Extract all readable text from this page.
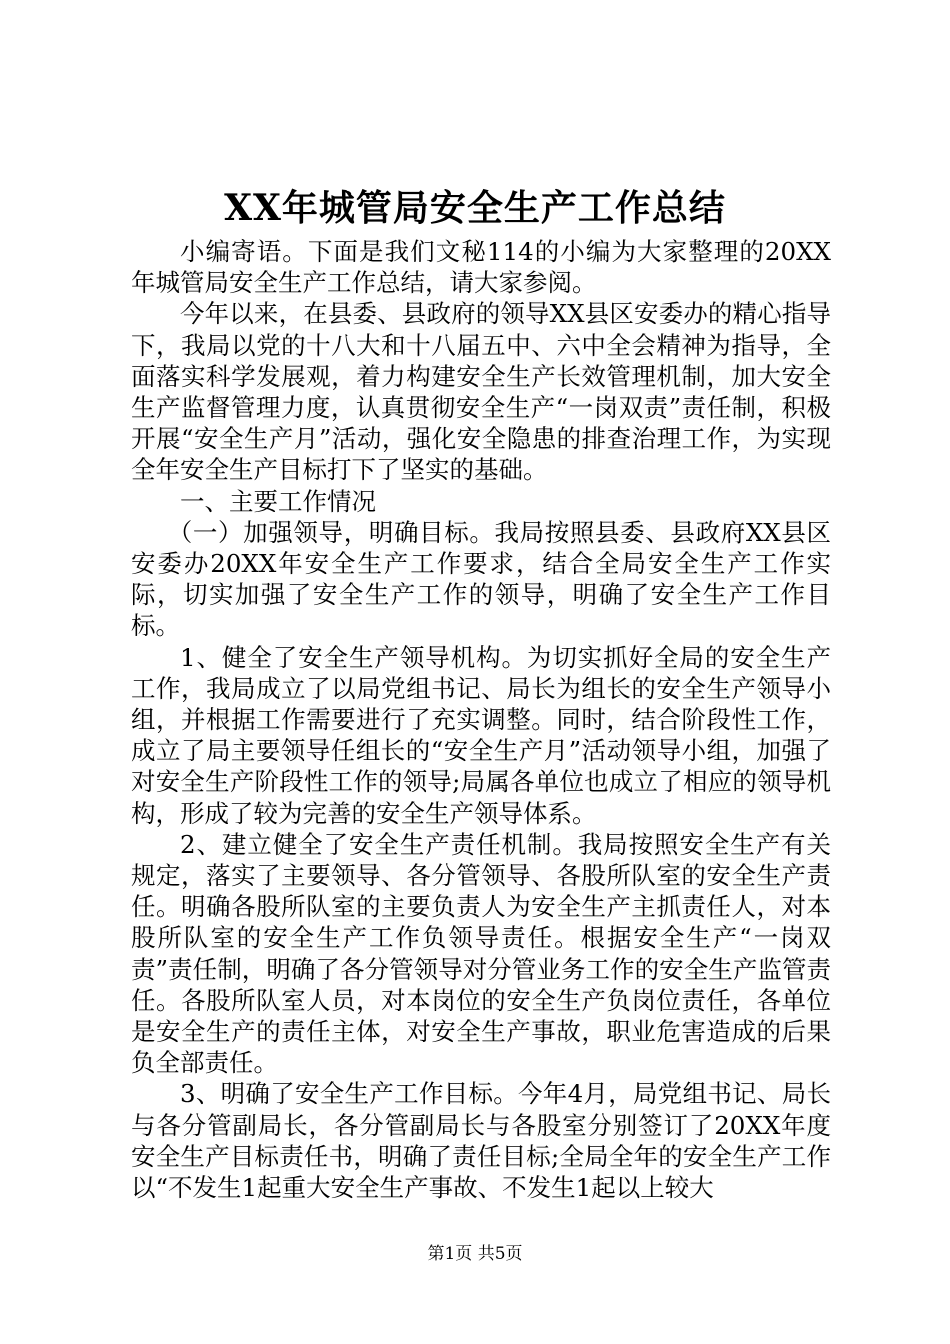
XX年城管局安全生产工作总结

小编寄语。下面是我们文秘114的小编为大家整理的20XX年城管局安全生产工作总结，请大家参阅。

今年以来，在县委、县政府的领导XX县区安委办的精心指导下，我局以党的十八大和十八届五中、六中全会精神为指导，全面落实科学发展观，着力构建安全生产长效管理机制，加大安全生产监督管理力度，认真贯彻安全生产“一岗双责”责任制，积极开展“安全生产月”活动，强化安全隐患的排查治理工作，为实现全年安全生产目标打下了坚实的基础。

一、主要工作情况

（一）加强领导，明确目标。我局按照县委、县政府XX县区安委办20XX年安全生产工作要求，结合全局安全生产工作实际，切实加强了安全生产工作的领导，明确了安全生产工作目标。

1、健全了安全生产领导机构。为切实抓好全局的安全生产工作，我局成立了以局党组书记、局长为组长的安全生产领导小组，并根据工作需要进行了充实调整。同时，结合阶段性工作，成立了局主要领导任组长的“安全生产月”活动领导小组，加强了对安全生产阶段性工作的领导;局属各单位也成立了相应的领导机构，形成了较为完善的安全生产领导体系。

2、建立健全了安全生产责任机制。我局按照安全生产有关规定，落实了主要领导、各分管领导、各股所队室的安全生产责任。明确各股所队室的主要负责人为安全生产主抓责任人，对本股所队室的安全生产工作负领导责任。根据安全生产“一岗双责”责任制，明确了各分管领导对分管业务工作的安全生产监管责任。各股所队室人员，对本岗位的安全生产负岗位责任，各单位是安全生产的责任主体，对安全生产事故，职业危害造成的后果负全部责任。

3、明确了安全生产工作目标。今年4月，局党组书记、局长与各分管副局长，各分管副局长与各股室分别签订了20XX年度安全生产目标责任书，明确了责任目标;全局全年的安全生产工作以“不发生1起重大安全生产事故、不发生1起以上较大

第1页 共5页
